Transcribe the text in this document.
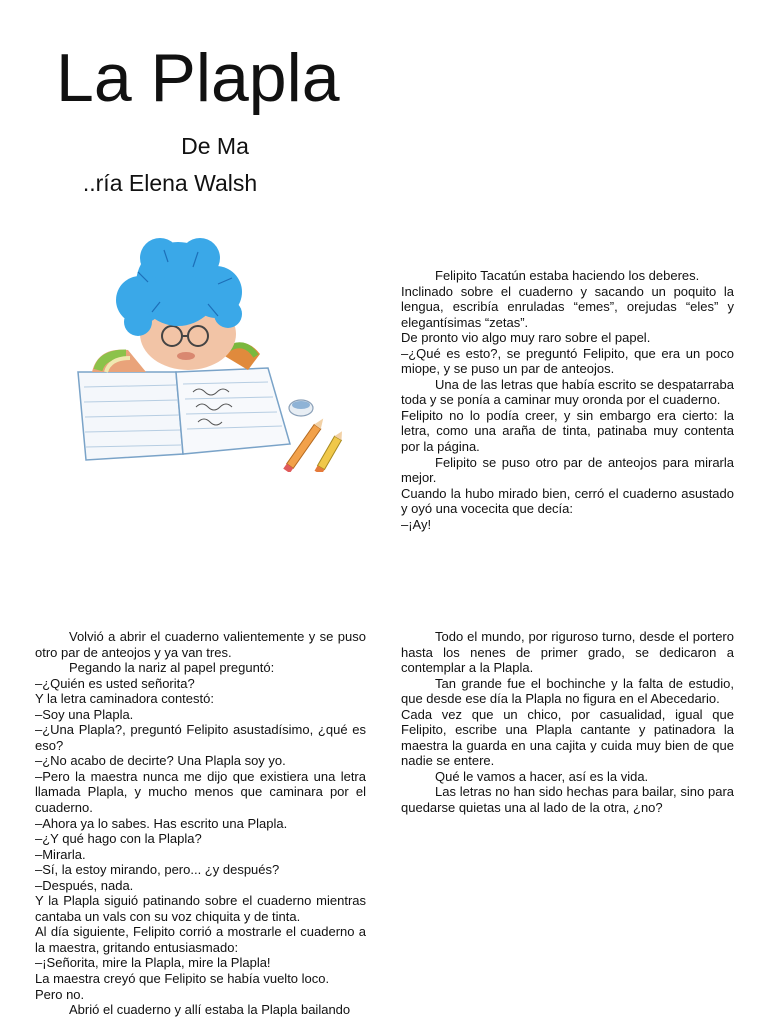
La Plapla
De Ma
..ría Elena Walsh

Felipito Tacatún estaba haciendo los deberes.

Inclinado sobre el cuaderno y sacando un poquito la lengua, escribía enruladas “emes”, orejudas “eles” y elegantísimas “zetas”.

De pronto vio algo muy raro sobre el papel.

–¿Qué es esto?, se preguntó Felipito, que era un poco miope, y se puso un par de anteojos.

Una de las letras que había escrito se despatarraba toda y se ponía a caminar muy oronda por el cuaderno.

Felipito no lo podía creer, y sin embargo era cierto: la letra, como una araña de tinta, patinaba muy contenta por la página.

Felipito se puso otro par de anteojos para mirarla mejor.

Cuando la hubo mirado bien, cerró el cuaderno asustado y oyó una vocecita que decía:

–¡Ay!

Volvió a abrir el cuaderno valientemente y se puso otro par de anteojos y ya van tres.

Pegando la nariz al papel preguntó:

–¿Quién es usted señorita?

Y la letra caminadora contestó:

–Soy una Plapla.

–¿Una Plapla?, preguntó Felipito asustadísimo, ¿qué es eso?

–¿No acabo de decirte? Una Plapla soy yo.

–Pero la maestra nunca me dijo que existiera una letra llamada Plapla, y mucho menos que caminara por el cuaderno.

–Ahora ya lo sabes. Has escrito una Plapla.

–¿Y qué hago con la Plapla?

–Mirarla.

–Sí, la estoy mirando, pero... ¿y después?

–Después, nada.

Y la Plapla siguió patinando sobre el cuaderno mientras cantaba un vals con su voz chiquita y de tinta.

Al día siguiente, Felipito corrió a mostrarle el cuaderno a la maestra, gritando entusiasmado:

–¡Señorita, mire la Plapla, mire la Plapla!

La maestra creyó que Felipito se había vuelto loco.

Pero no.

Abrió el cuaderno y allí estaba la Plapla bailando

Todo el mundo, por riguroso turno, desde el portero hasta los nenes de primer grado, se dedicaron a contemplar a la Plapla.

Tan grande fue el bochinche y la falta de estudio, que desde ese día la Plapla no figura en el Abecedario.

Cada vez que un chico, por casualidad, igual que Felipito, escribe una Plapla cantante y patinadora la maestra la guarda en una cajita y cuida muy bien de que nadie se entere.

Qué le vamos a hacer, así es la vida.

Las letras no han sido hechas para bailar, sino para quedarse quietas una al lado de la otra, ¿no?
